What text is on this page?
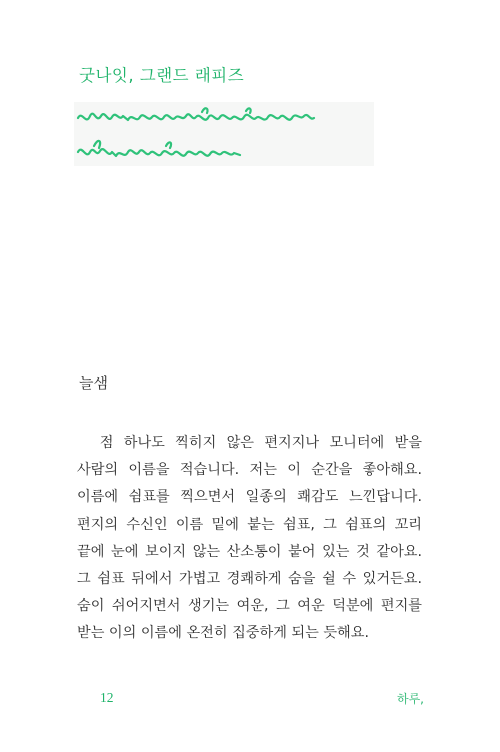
굿나잇, 그랜드 래피즈
늘샘

점 하나도 찍히지 않은 편지지나 모니터에 받을 사람의 이름을 적습니다. 저는 이 순간을 좋아해요. 이름에 쉼표를 찍으면서 일종의 쾌감도 느낀답니다. 편지의 수신인 이름 밑에 붙는 쉼표, 그 쉼표의 꼬리 끝에 눈에 보이지 않는 산소통이 붙어 있는 것 같아요. 그 쉼표 뒤에서 가볍고 경쾌하게 숨을 쉴 수 있거든요. 숨이 쉬어지면서 생기는 여운, 그 여운 덕분에 편지를 받는 이의 이름에 온전히 집중하게 되는 듯해요.

12	하루,
